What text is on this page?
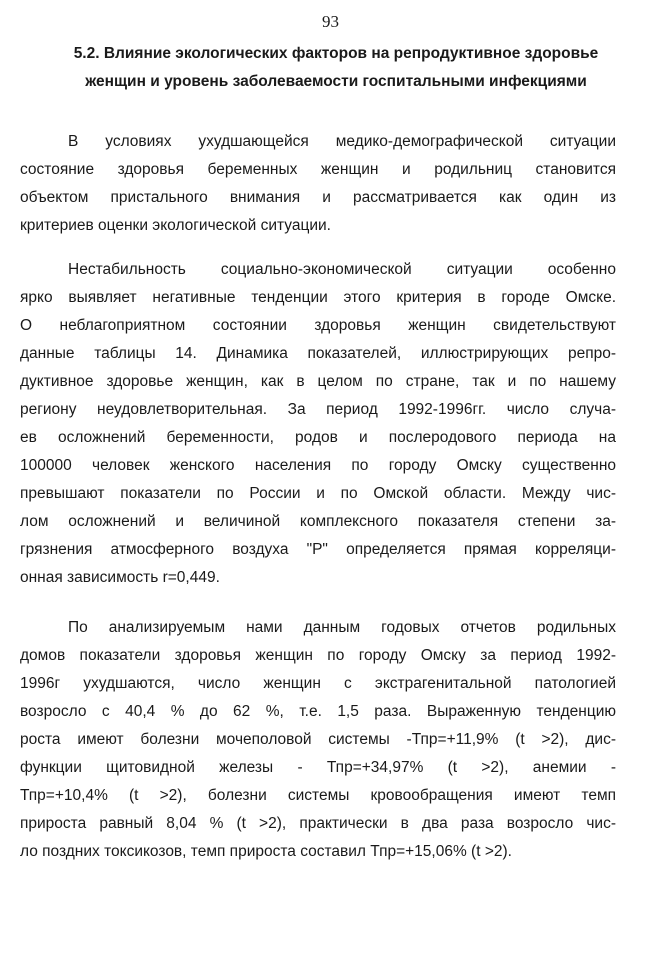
93
5.2. Влияние экологических факторов на репродуктивное здоровье
женщин и уровень заболеваемости госпитальными инфекциями
В условиях ухудшающейся медико-демографической ситуации
состояние здоровья беременных женщин и родильниц становится
объектом пристального внимания и рассматривается как один из
критериев оценки экологической ситуации.
Нестабильность социально-экономической ситуации особенно
ярко выявляет негативные тенденции этого критерия в городе Омске.
О неблагоприятном состоянии здоровья женщин свидетельствуют
данные таблицы 14. Динамика показателей, иллюстрирующих репро-
дуктивное здоровье женщин, как в целом по стране, так и по нашему
региону неудовлетворительная. За период 1992-1996гг. число случа-
ев осложнений беременности, родов и послеродового периода на
100000 человек женского населения по городу Омску существенно
превышают показатели по России и по Омской области. Между чис-
лом осложнений и величиной комплексного показателя степени за-
грязнения атмосферного воздуха "Р" определяется прямая корреляци-
онная зависимость r=0,449.
По анализируемым нами данным годовых отчетов родильных
домов показатели здоровья женщин по городу Омску за период 1992-
1996г ухудшаются, число женщин с экстрагенитальной патологией
возросло с 40,4 % до 62 %, т.е. 1,5 раза. Выраженную тенденцию
роста имеют болезни мочеполовой системы -Тпр=+11,9% (t >2), дис-
функции щитовидной железы - Тпр=+34,97% (t >2), анемии -
Тпр=+10,4% (t >2), болезни системы кровообращения имеют темп
прироста равный 8,04 % (t >2), практически в два раза возросло чис-
ло поздних токсикозов, темп прироста составил Тпр=+15,06% (t >2).
